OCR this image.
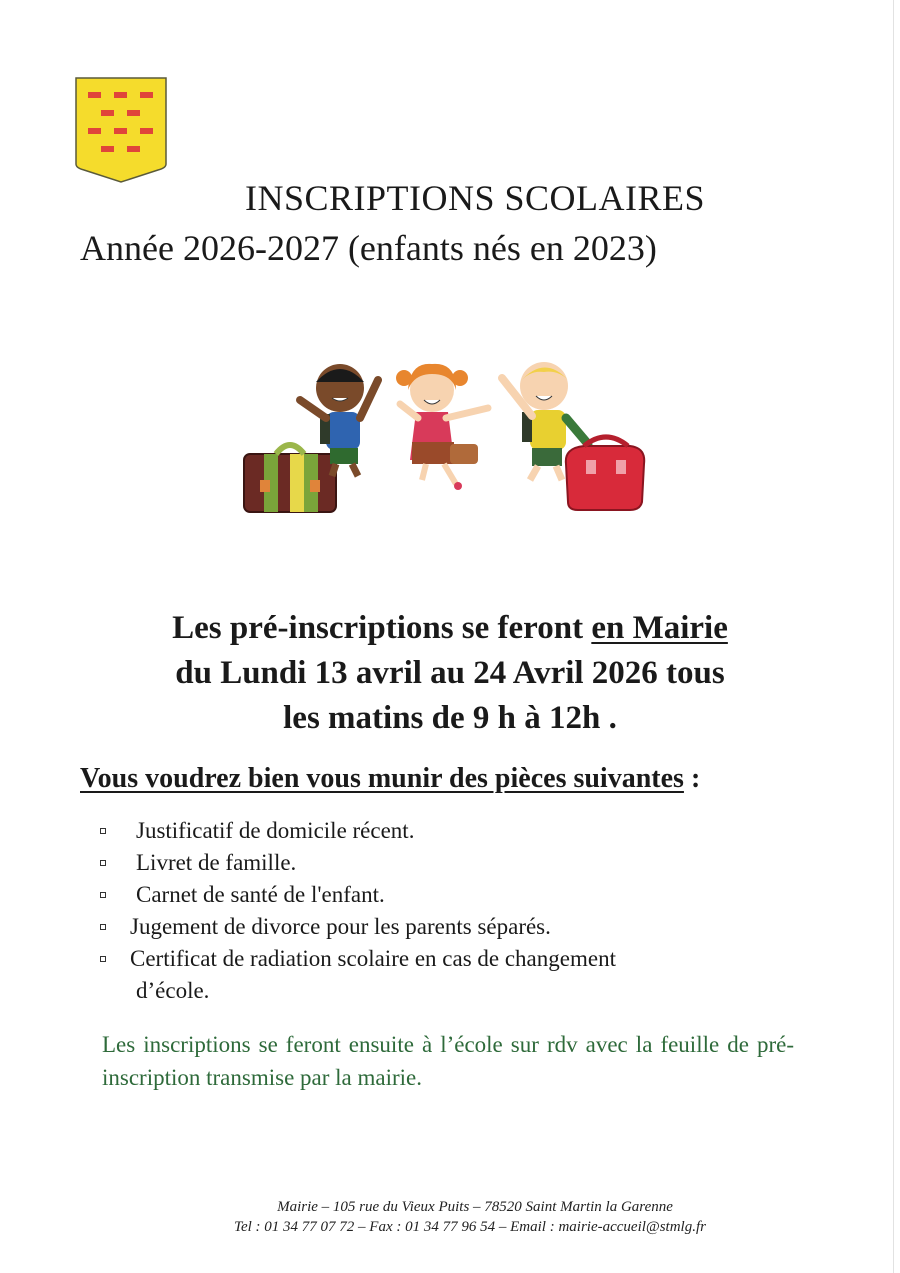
INSCRIPTIONS SCOLAIRES
Année 2026-2027 (enfants nés en 2023)
Les pré-inscriptions se feront en Mairie
du Lundi 13 avril au 24 Avril 2026 tous
les matins de 9 h à 12h .
Vous voudrez bien vous munir des pièces suivantes :
Justificatif de domicile récent.
Livret de famille.
Carnet de santé de l'enfant.
Jugement de divorce pour les parents séparés.
Certificat de radiation scolaire en cas de changement
d’école.
Les inscriptions se feront ensuite à l’école sur rdv avec la feuille de pré-inscription transmise par la mairie.
Mairie – 105 rue du Vieux Puits – 78520 Saint Martin la Garenne
Tel : 01 34 77 07 72 – Fax : 01 34 77 96 54 – Email : mairie-accueil@stmlg.fr
